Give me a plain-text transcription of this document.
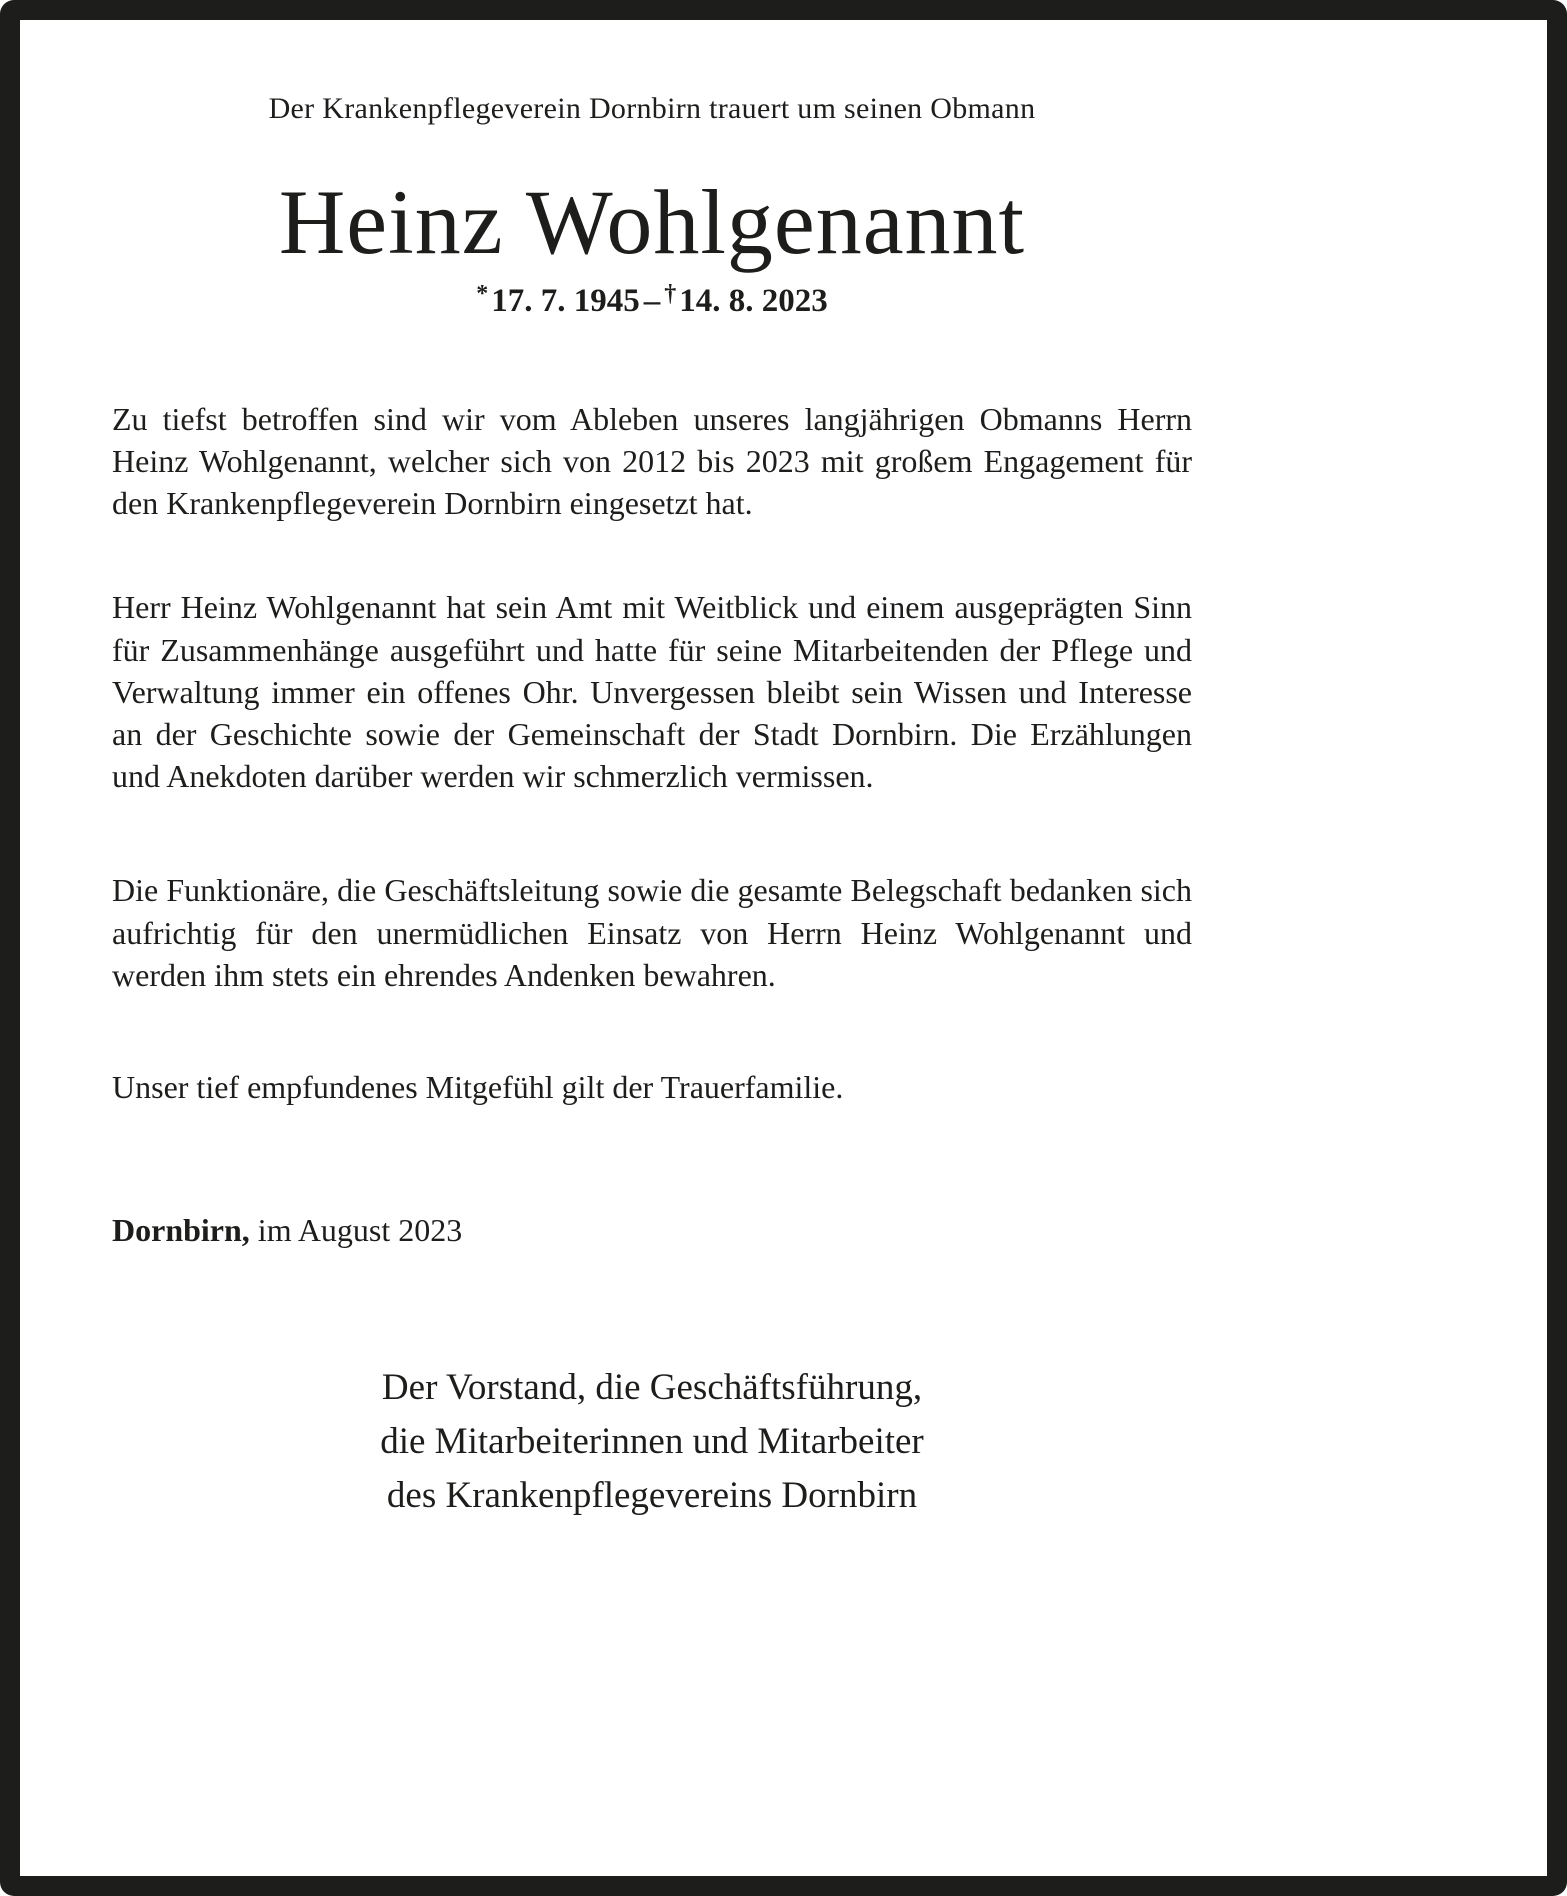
Der Krankenpflegeverein Dornbirn trauert um seinen Obmann

Heinz Wohlgenannt

*17. 7. 1945 – †14. 8. 2023

Zu tiefst betroffen sind wir vom Ableben unseres langjährigen Obmanns Herrn Heinz Wohlgenannt, welcher sich von 2012 bis 2023 mit großem Engagement für den Krankenpflegeverein Dornbirn eingesetzt hat.

Herr Heinz Wohlgenannt hat sein Amt mit Weitblick und einem ausgeprägten Sinn für Zusammenhänge ausgeführt und hatte für seine Mitarbeitenden der Pflege und Verwaltung immer ein offenes Ohr. Unvergessen bleibt sein Wissen und Interesse an der Geschichte sowie der Gemeinschaft der Stadt Dornbirn. Die Erzählungen und Anekdoten darüber werden wir schmerzlich vermissen.

Die Funktionäre, die Geschäftsleitung sowie die gesamte Belegschaft bedanken sich aufrichtig für den unermüdlichen Einsatz von Herrn Heinz Wohlgenannt und werden ihm stets ein ehrendes Andenken bewahren.

Unser tief empfundenes Mitgefühl gilt der Trauerfamilie.

Dornbirn, im August 2023

Der Vorstand, die Geschäftsführung,

die Mitarbeiterinnen und Mitarbeiter

des Krankenpflegevereins Dornbirn
